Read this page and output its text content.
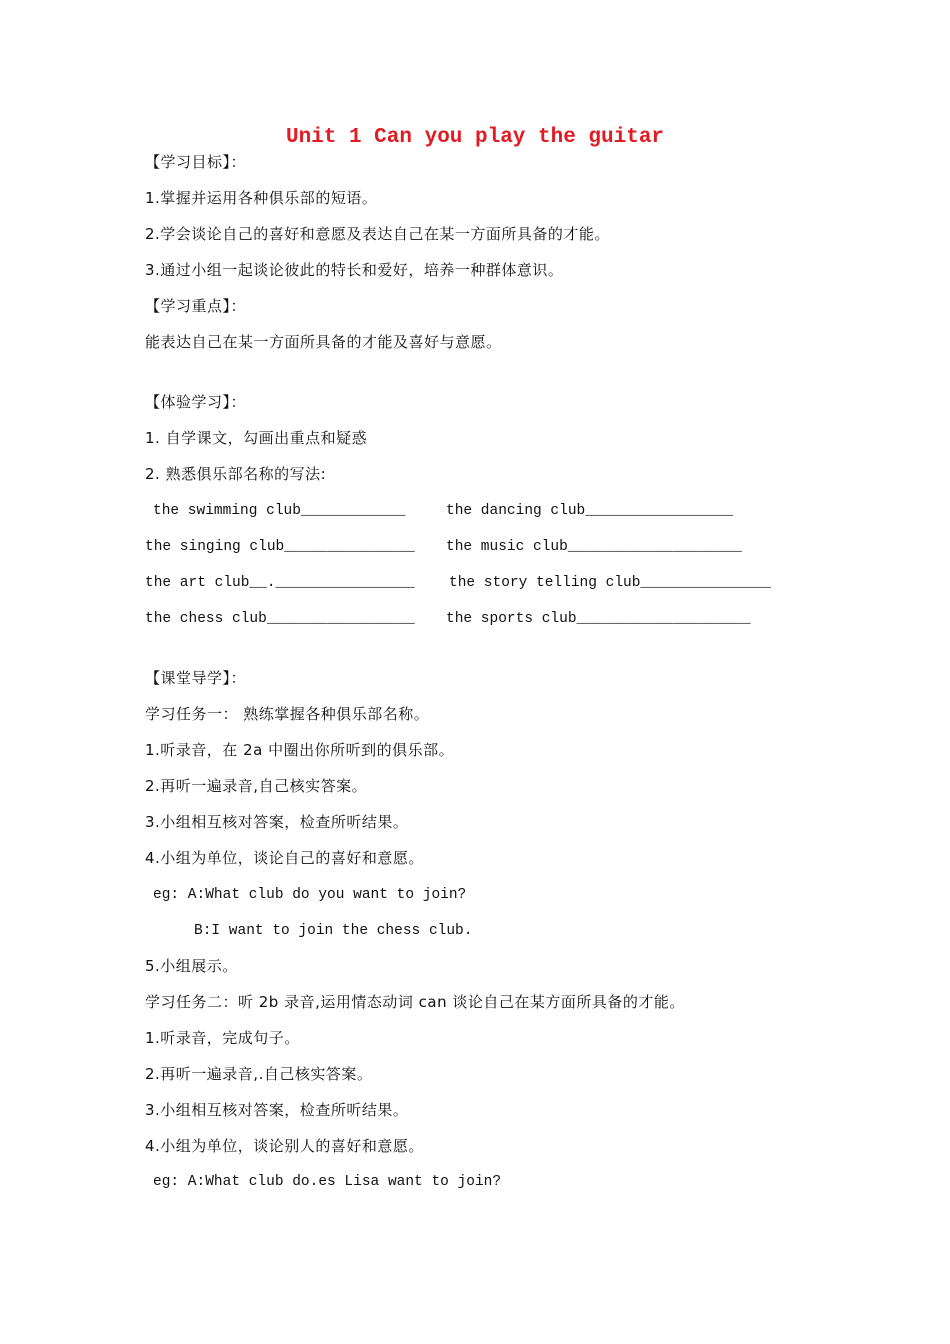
Unit 1 Can you play the guitar
【学习目标】：
1.掌握并运用各种俱乐部的短语。
2.学会谈论自己的喜好和意愿及表达自己在某一方面所具备的才能。
3.通过小组一起谈论彼此的特长和爱好，培养一种群体意识。
【学习重点】：
能表达自己在某一方面所具备的才能及喜好与意愿。
【体验学习】：
1. 自学课文，勾画出重点和疑惑
2. 熟悉俱乐部名称的写法:
the swimming club____________	the dancing club_________________
the singing club_______________ the music club____________________
the art club__.________________ the story telling club_______________
the chess club_________________ the sports club____________________
【课堂导学】：
学习任务一： 熟练掌握各种俱乐部名称。
1.听录音，在 2a 中圈出你所听到的俱乐部。
2.再听一遍录音,自己核实答案。
3.小组相互核对答案，检查所听结果。
4.小组为单位，谈论自己的喜好和意愿。
eg: A:What club do you want to join?
B:I want to join the chess club.
5.小组展示。
学习任务二：听 2b 录音,运用情态动词 can 谈论自己在某方面所具备的才能。
1.听录音，完成句子。
2.再听一遍录音,.自己核实答案。
3.小组相互核对答案，检查所听结果。
4.小组为单位，谈论别人的喜好和意愿。
eg: A:What club do.es Lisa want to join?
